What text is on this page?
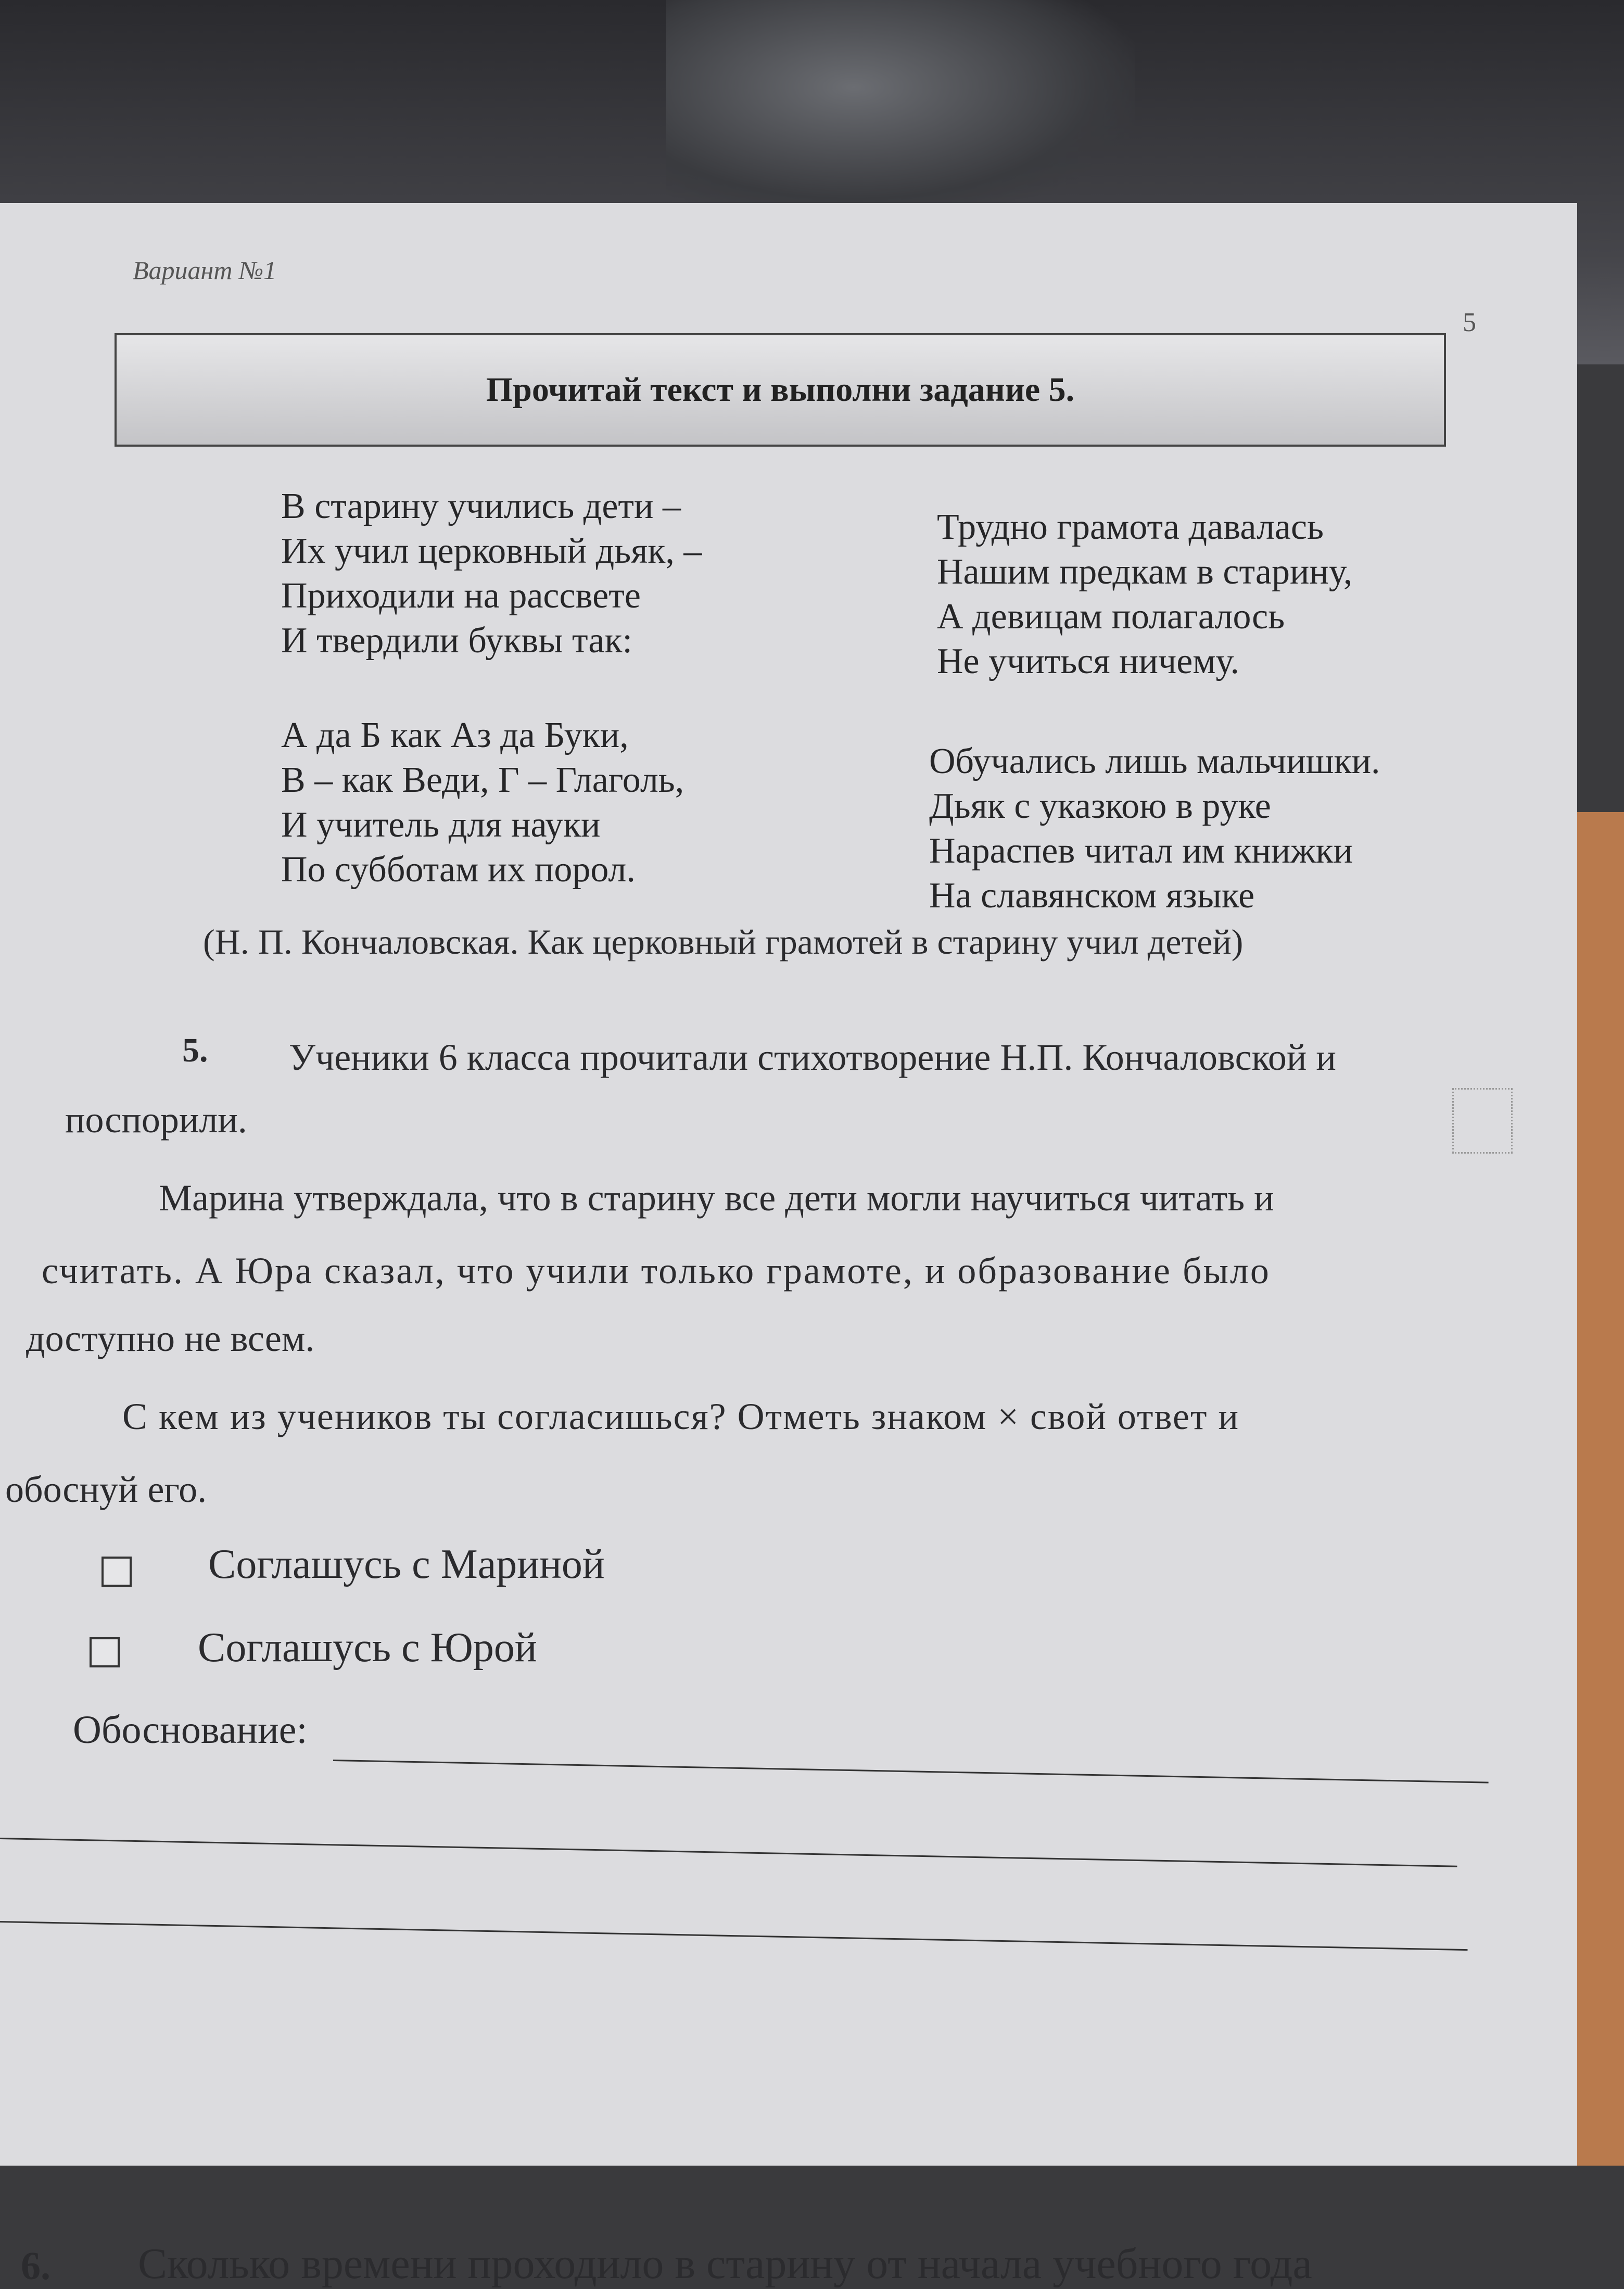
Вариант №1
5
Прочитай текст и выполни задание 5.
В старину учились дети –
Их учил церковный дьяк, –
Приходили на рассвете
И твердили буквы так:
А да Б как Аз да Буки,
В – как Веди, Г – Глаголь,
И учитель для науки
По субботам их порол.
Трудно грамота давалась
Нашим предкам в старину,
А девицам полагалось
Не учиться ничему.
Обучались лишь мальчишки.
Дьяк с указкою в руке
Нараспев читал им книжки
На славянском языке
(Н. П. Кончаловская. Как церковный грамотей в старину учил детей)
5. Ученики 6 класса прочитали стихотворение Н.П. Кончаловской и
поспорили.
Марина утверждала, что в старину все дети могли научиться читать и
считать. А Юра сказал, что учили только грамоте, и образование было
доступно не всем.
С кем из учеников ты согласишься? Отметь знаком × свой ответ и
обоснуй его.
Соглашусь с Мариной
Соглашусь с Юрой
Обоснование:
6. Сколько времени проходило в старину от начала учебного года
